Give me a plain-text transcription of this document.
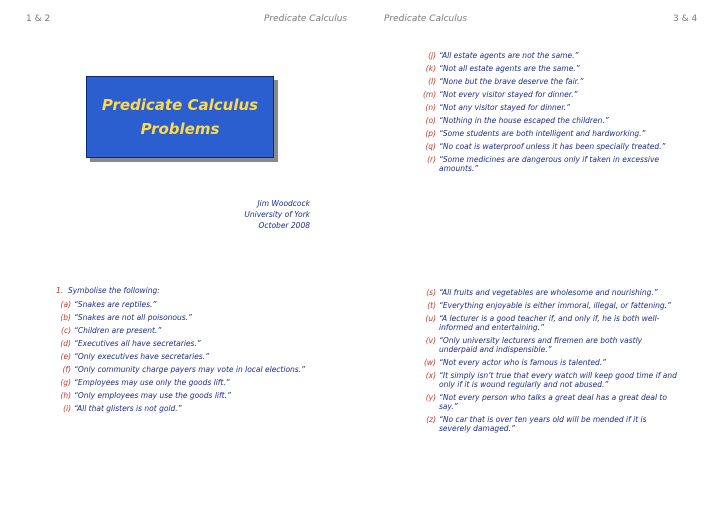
1 & 2	Predicate Calculus	Predicate Calculus	3 & 4
Predicate Calculus
Problems
Jim Woodcock
University of York
October 2008
1. Symbolise the following:
(a) “Snakes are reptiles.”
(b) “Snakes are not all poisonous.”
(c) “Children are present.”
(d) “Executives all have secretaries.”
(e) “Only executives have secretaries.”
(f) “Only community charge payers may vote in local elections.”
(g) “Employees may use only the goods lift.”
(h) “Only employees may use the goods lift.”
(i) “All that glisters is not gold.”
(j) “All estate agents are not the same.”
(k) “Not all estate agents are the same.”
(l) “None but the brave deserve the fair.”
(m) “Not every visitor stayed for dinner.”
(n) “Not any visitor stayed for dinner.”
(o) “Nothing in the house escaped the children.”
(p) “Some students are both intelligent and hardworking.”
(q) “No coat is waterproof unless it has been specially treated.”
(r) “Some medicines are dangerous only if taken in excessive amounts.”
(s) “All fruits and vegetables are wholesome and nourishing.”
(t) “Everything enjoyable is either immoral, illegal, or fattening.”
(u) “A lecturer is a good teacher if, and only if, he is both well-informed and entertaining.”
(v) “Only university lecturers and firemen are both vastly underpaid and indispensible.”
(w) “Not every actor who is famous is talented.”
(x) “It simply isn’t true that every watch will keep good time if and only if it is wound regularly and not abused.”
(y) “Not every person who talks a great deal has a great deal to say.”
(z) “No car that is over ten years old will be mended if it is severely damaged.”
